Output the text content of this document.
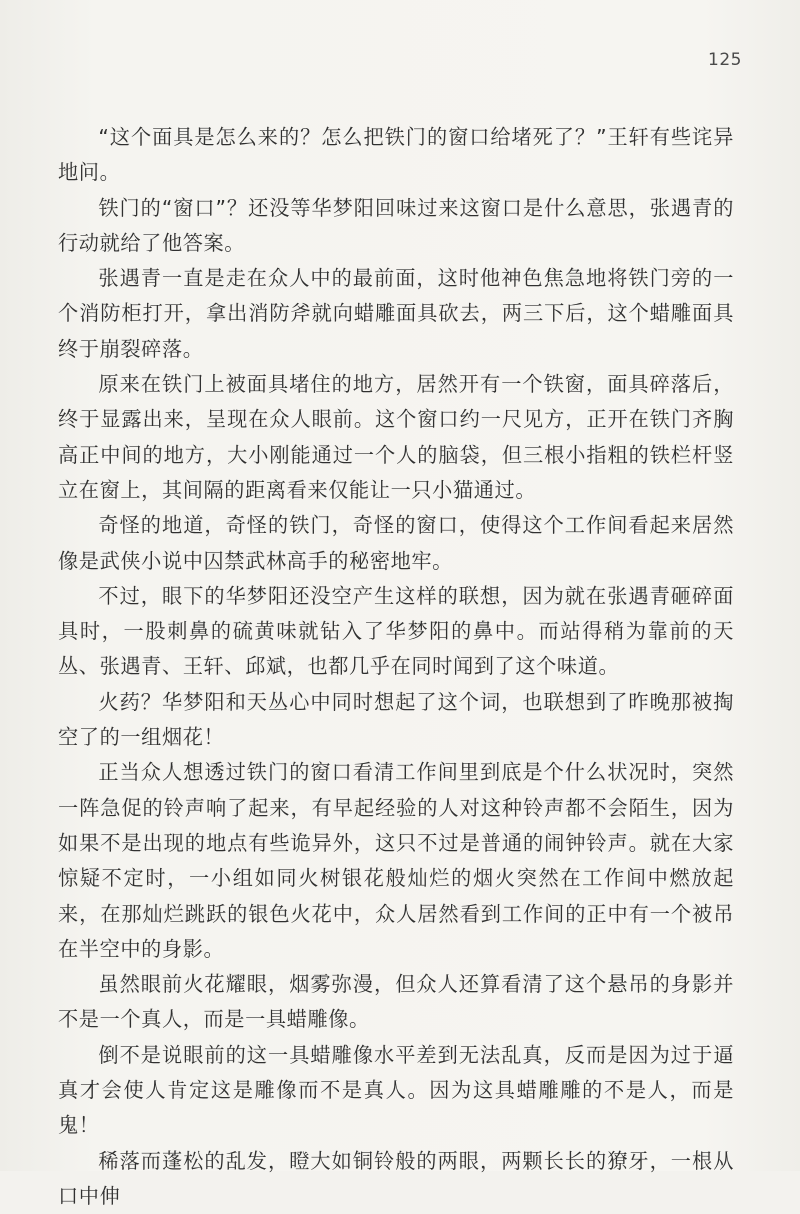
125

“这个面具是怎么来的？怎么把铁门的窗口给堵死了？”王轩有些诧异地问。

铁门的“窗口”？还没等华梦阳回味过来这窗口是什么意思，张遇青的行动就给了他答案。

张遇青一直是走在众人中的最前面，这时他神色焦急地将铁门旁的一个消防柜打开，拿出消防斧就向蜡雕面具砍去，两三下后，这个蜡雕面具终于崩裂碎落。

原来在铁门上被面具堵住的地方，居然开有一个铁窗，面具碎落后，终于显露出来，呈现在众人眼前。这个窗口约一尺见方，正开在铁门齐胸高正中间的地方，大小刚能通过一个人的脑袋，但三根小指粗的铁栏杆竖立在窗上，其间隔的距离看来仅能让一只小猫通过。

奇怪的地道，奇怪的铁门，奇怪的窗口，使得这个工作间看起来居然像是武侠小说中囚禁武林高手的秘密地牢。

不过，眼下的华梦阳还没空产生这样的联想，因为就在张遇青砸碎面具时，一股刺鼻的硫黄味就钻入了华梦阳的鼻中。而站得稍为靠前的天丛、张遇青、王轩、邱斌，也都几乎在同时闻到了这个味道。

火药？华梦阳和天丛心中同时想起了这个词，也联想到了昨晚那被掏空了的一组烟花！

正当众人想透过铁门的窗口看清工作间里到底是个什么状况时，突然一阵急促的铃声响了起来，有早起经验的人对这种铃声都不会陌生，因为如果不是出现的地点有些诡异外，这只不过是普通的闹钟铃声。就在大家惊疑不定时，一小组如同火树银花般灿烂的烟火突然在工作间中燃放起来，在那灿烂跳跃的银色火花中，众人居然看到工作间的正中有一个被吊在半空中的身影。

虽然眼前火花耀眼，烟雾弥漫，但众人还算看清了这个悬吊的身影并不是一个真人，而是一具蜡雕像。

倒不是说眼前的这一具蜡雕像水平差到无法乱真，反而是因为过于逼真才会使人肯定这是雕像而不是真人。因为这具蜡雕雕的不是人，而是鬼！

稀落而蓬松的乱发，瞪大如铜铃般的两眼，两颗长长的獠牙，一根从口中伸
